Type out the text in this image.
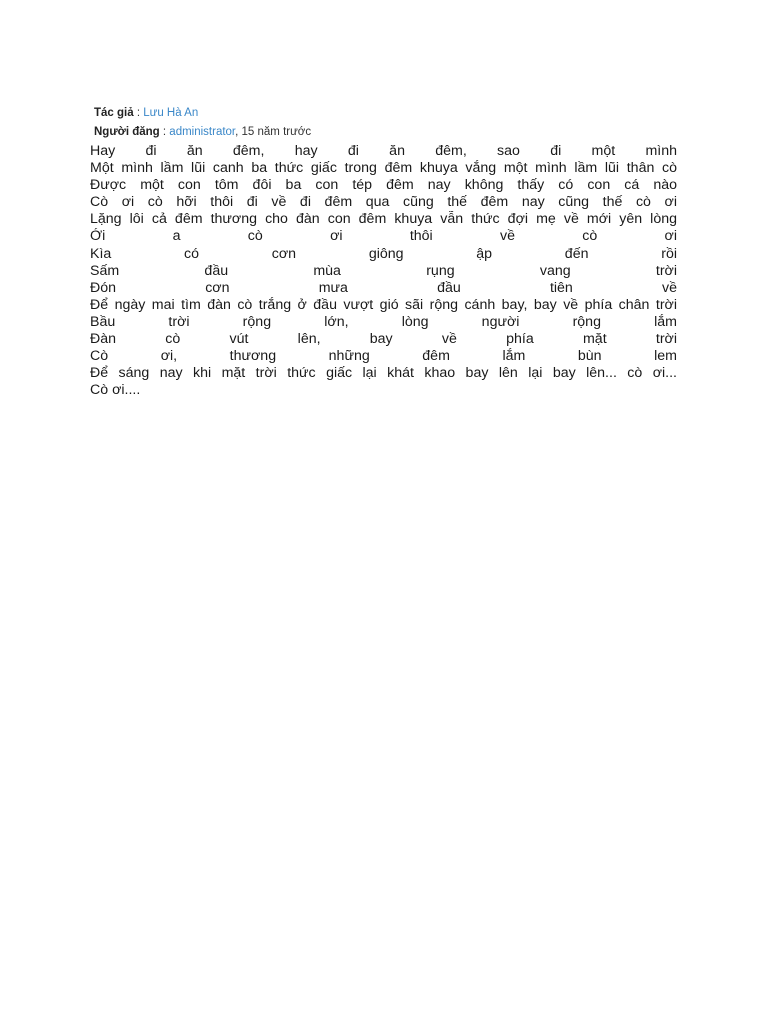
Tác giả : Lưu Hà An
Người đăng : administrator, 15 năm trước
Hay đi ăn đêm, hay đi ăn đêm, sao đi một mình
Một mình lầm lũi canh ba thức giấc trong đêm khuya vắng một mình lầm lũi thân cò
Được một con tôm đôi ba con tép đêm nay không thấy có con cá nào
Cò ơi cò hỡi thôi đi về đi đêm qua cũng thế đêm nay cũng thế cò ơi
Lặng lôi cả đêm thương cho đàn con đêm khuya vẫn thức đợi mẹ về mới yên lòng
Ới a cò ơi thôi về cò ơi
Kìa có cơn giông ập đến rồi
Sấm đầu mùa rụng vang trời
Đón cơn mưa đầu tiên về
Để ngày mai tìm đàn cò trắng ở đầu vượt gió sãi rộng cánh bay, bay về phía chân trời
Bầu trời rộng lớn, lòng người rộng lắm
Đàn cò vút lên, bay về phía mặt trời
Cò ơi, thương những đêm lắm bùn lem
Để sáng nay khi mặt trời thức giấc lại khát khao bay lên lại bay lên... cò ơi...
Cò ơi....
